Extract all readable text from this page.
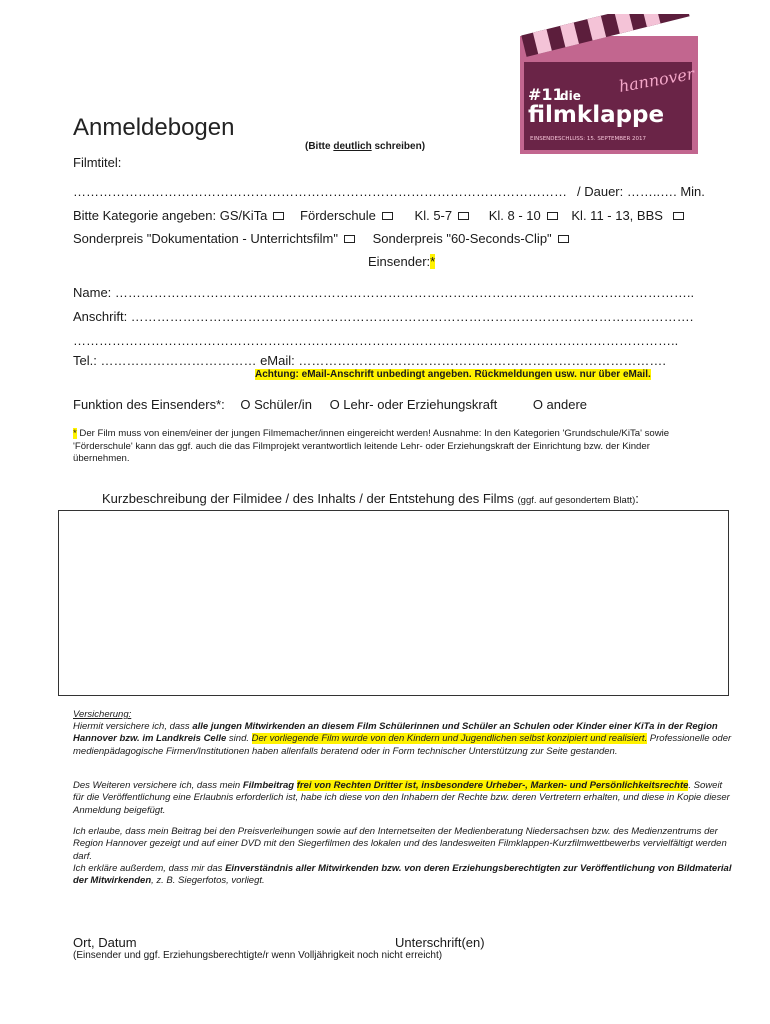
#11
die
hannover
filmklappe
EINSENDESCHLUSS: 15. SEPTEMBER 2017
Anmeldebogen
(Bitte deutlich schreiben)
Filmtitel:
…………………………………………………………………………………………………… / Dauer: ……..…. Min.
Bitte Kategorie angeben: GS/KiTa	Förderschule	Kl. 5-7	Kl. 8 - 10 Kl. 11 - 13, BBS
Sonderpreis "Dokumentation - Unterrichtsfilm"	Sonderpreis "60-Seconds-Clip"
Einsender:*
Name: ……………………………………………………………………………………………………………………..
Anschrift: ………………………………………………………………………………………………………………….
…………………………………………………………………………………………………………………………..
Tel.: ……………………………… eMail: ………………………………………………………………………….
Achtung: eMail-Anschrift unbedingt angeben. Rückmeldungen usw. nur über eMail.
Funktion des Einsenders*: O Schüler/in O Lehr- oder Erziehungskraft	O andere
* Der Film muss von einem/einer der jungen Filmemacher/innen eingereicht werden! Ausnahme: In den Kategorien 'Grundschule/KiTa' sowie 'Förderschule' kann das ggf. auch die das Filmprojekt verantwortlich leitende Lehr- oder Erziehungskraft der Einrichtung bzw. der Kinder übernehmen.
Kurzbeschreibung der Filmidee / des Inhalts / der Entstehung des Films (ggf. auf gesondertem Blatt):
Versicherung:
Hiermit versichere ich, dass alle jungen Mitwirkenden an diesem Film Schülerinnen und Schüler an Schulen oder Kinder einer KiTa in der Region Hannover bzw. im Landkreis Celle sind. Der vorliegende Film wurde von den Kindern und Jugendlichen selbst konzipiert und realisiert. Professionelle oder medienpädagogische Firmen/Institutionen haben allenfalls beratend oder in Form technischer Unterstützung zur Seite gestanden.
Des Weiteren versichere ich, dass mein Filmbeitrag frei von Rechten Dritter ist, insbesondere Urheber-, Marken- und Persönlichkeitsrechte. Soweit für die Veröffentlichung eine Erlaubnis erforderlich ist, habe ich diese von den Inhabern der Rechte bzw. deren Vertretern erhalten, und diese in Kopie dieser Anmeldung beigefügt.
Ich erlaube, dass mein Beitrag bei den Preisverleihungen sowie auf den Internetseiten der Medienberatung Niedersachsen bzw. des Medienzentrums der Region Hannover gezeigt und auf einer DVD mit den Siegerfilmen des lokalen und des landesweiten Filmklappen-Kurzfilmwettbewerbs vervielfältigt werden darf.
Ich erkläre außerdem, dass mir das Einverständnis aller Mitwirkenden bzw. von deren Erziehungsberechtigten zur Veröffentlichung von Bildmaterial der Mitwirkenden, z. B. Siegerfotos, vorliegt.
Ort, Datum	Unterschrift(en)
(Einsender und ggf. Erziehungsberechtigte/r wenn Volljährigkeit noch nicht erreicht)
